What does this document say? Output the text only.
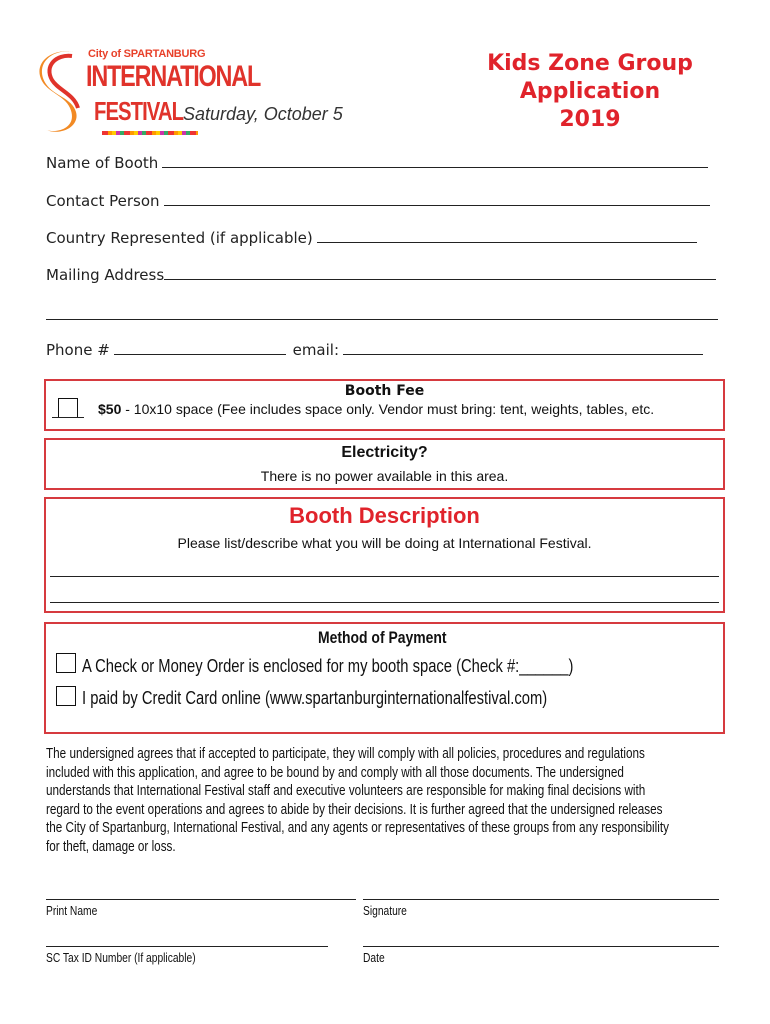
City of SPARTANBURG
INTERNATIONAL
FESTIVAL Saturday, October 5
Kids Zone Group
Application
2019
Name of Booth
Contact Person
Country Represented (if applicable)
Mailing Address
Phone #	email:
Booth Fee
$50 - 10x10 space (Fee includes space only. Vendor must bring: tent, weights, tables, etc.
Electricity?
There is no power available in this area.
Booth Description
Please list/describe what you will be doing at International Festival.
Method of Payment
A Check or Money Order is enclosed for my booth space (Check #:______)
I paid by Credit Card online (www.spartanburginternationalfestival.com)
The undersigned agrees that if accepted to participate, they will comply with all policies, procedures and regulations
included with this application, and agree to be bound by and comply with all those documents. The undersigned
understands that International Festival staff and executive volunteers are responsible for making final decisions with
regard to the event operations and agrees to abide by their decisions. It is further agreed that the undersigned releases
the City of Spartanburg, International Festival, and any agents or representatives of these groups from any responsibility
for theft, damage or loss.
Print Name	Signature
SC Tax ID Number (If applicable)	Date
